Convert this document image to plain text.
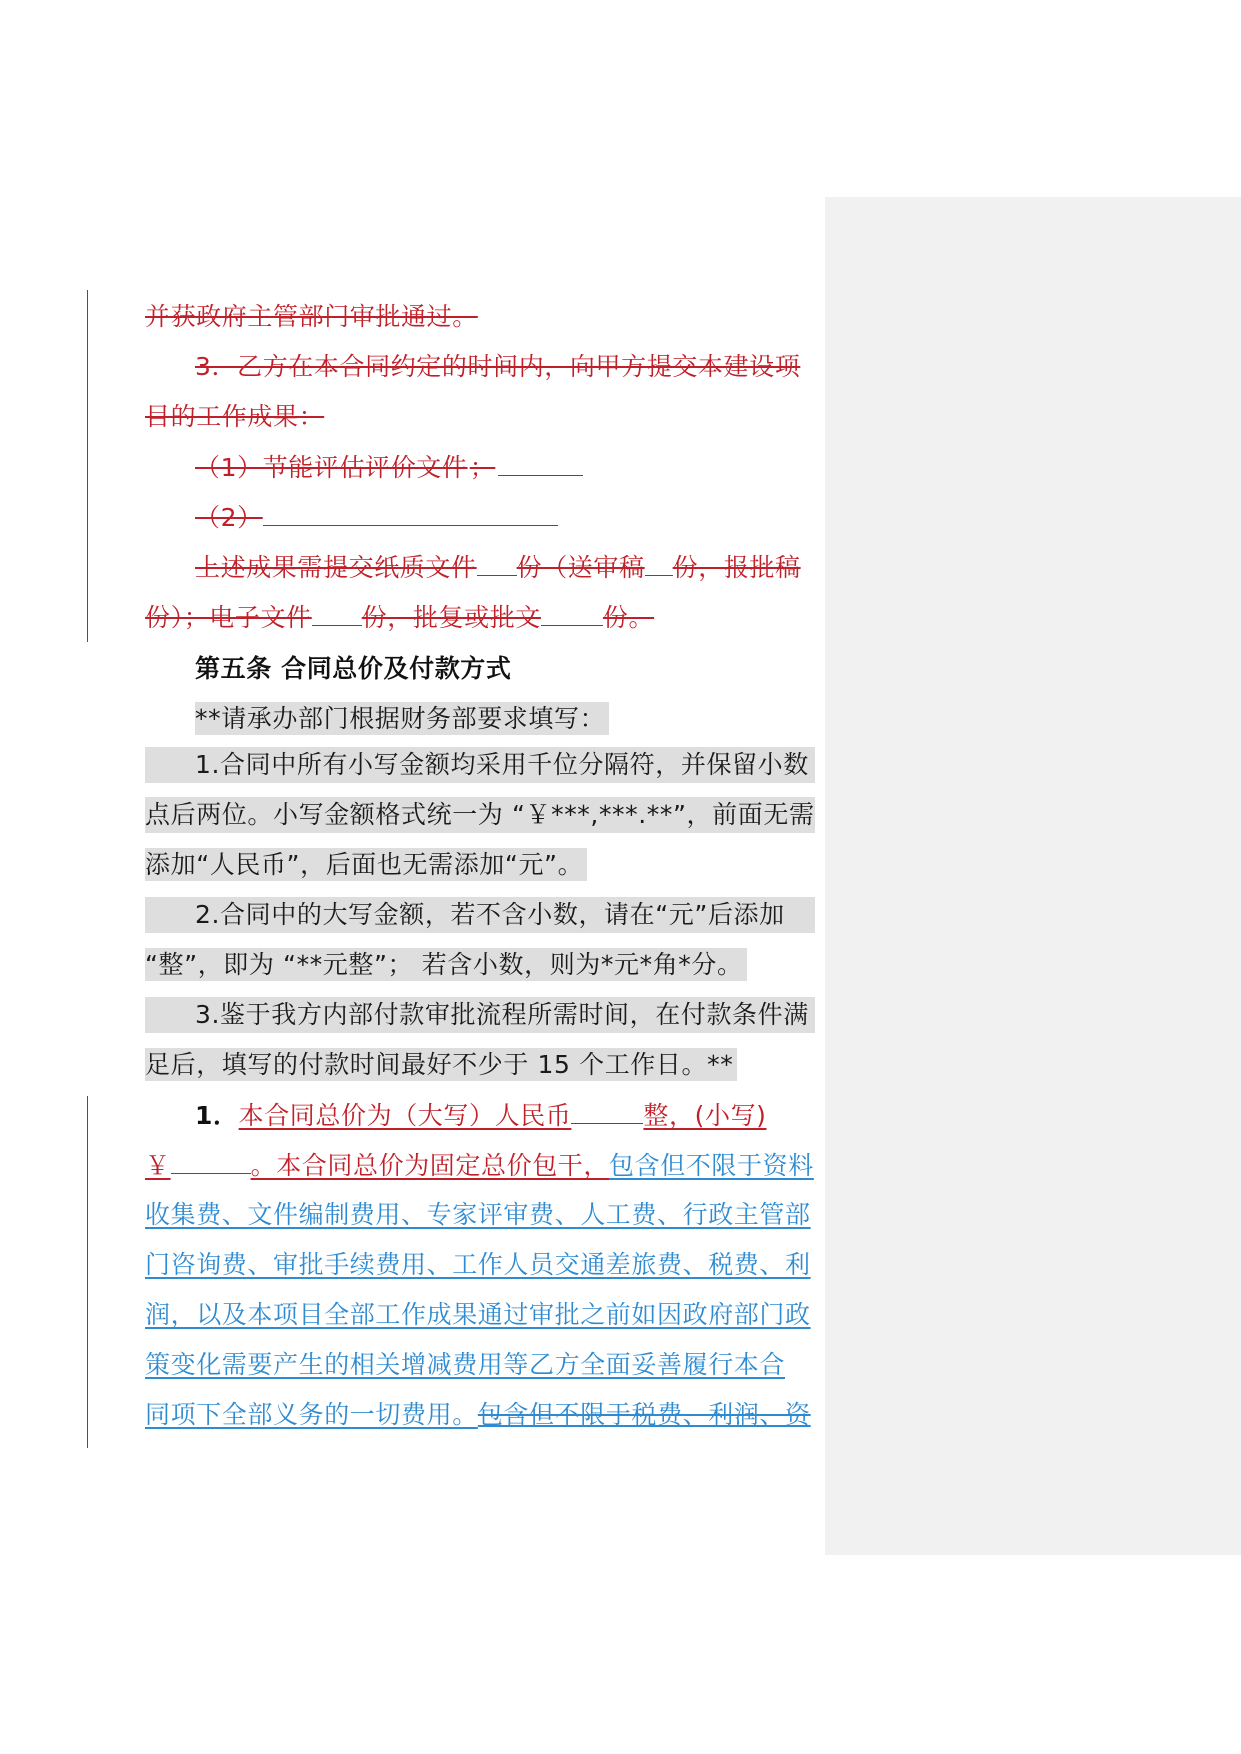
并获政府主管部门审批通过。
3．乙方在本合同约定的时间内，向甲方提交本建设项
目的工作成果：
（1）节能评估评价文件；
（2）
上述成果需提交纸质文件 份（送审稿 份，报批稿
份）；电子文件 份，批复或批文 份。
第五条 合同总价及付款方式
**请承办部门根据财务部要求填写：
1.合同中所有小写金额均采用千位分隔符，并保留小数
点后两位。小写金额格式统一为 “￥***,***.**”，前面无需
添加“人民币”，后面也无需添加“元”。
2.合同中的大写金额，若不含小数，请在“元”后添加
“整”，即为 “**元整”； 若含小数，则为*元*角*分。
3.鉴于我方内部付款审批流程所需时间，在付款条件满
足后，填写的付款时间最好不少于 15 个工作日。**
1．本合同总价为（大写）人民币	整，(小写)
￥	。本合同总价为固定总价包干，包含但不限于资料
收集费、文件编制费用、专家评审费、人工费、行政主管部
门咨询费、审批手续费用、工作人员交通差旅费、税费、利
润，以及本项目全部工作成果通过审批之前如因政府部门政
策变化需要产生的相关增减费用等乙方全面妥善履行本合
同项下全部义务的一切费用。包含但不限于税费、利润、资
